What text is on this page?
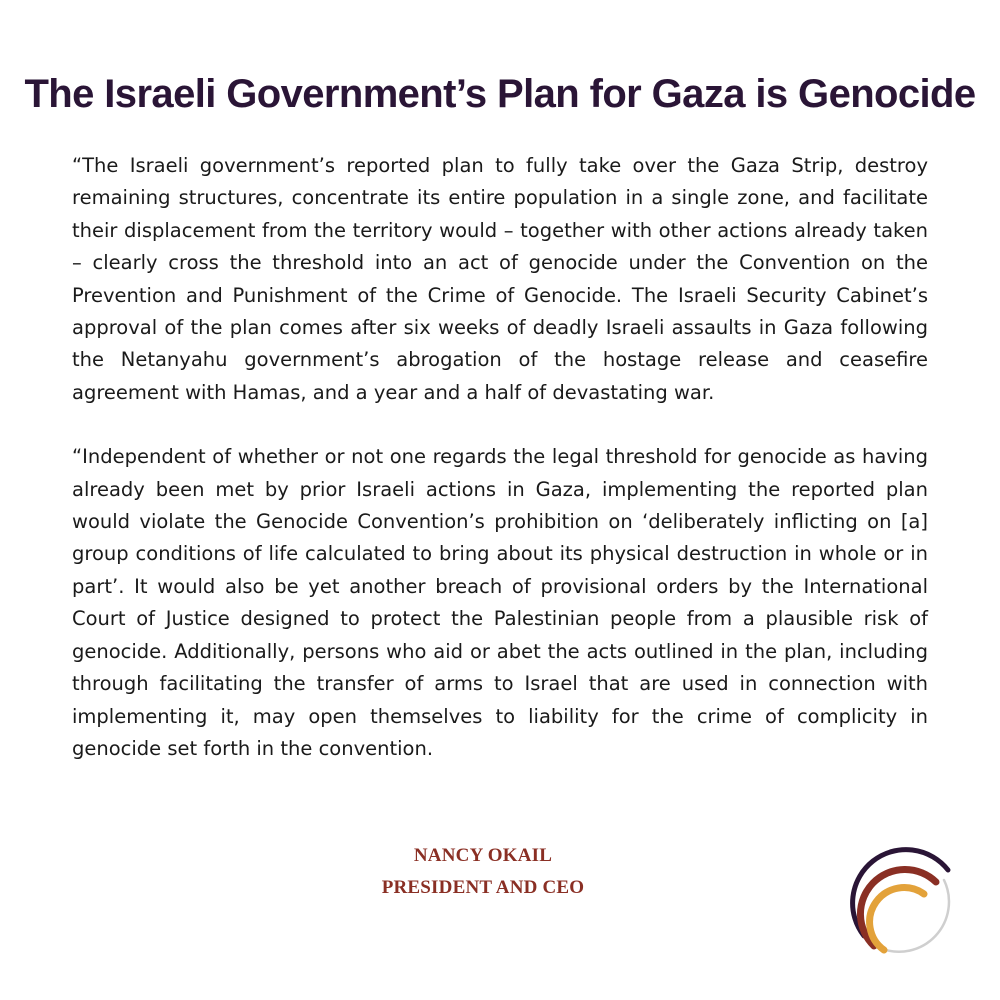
The Israeli Government’s Plan for Gaza is Genocide

“The Israeli government’s reported plan to fully take over the Gaza Strip, destroy remaining structures, concentrate its entire population in a single zone, and facilitate their displacement from the territory would – together with other actions already taken – clearly cross the threshold into an act of genocide under the Convention on the Prevention and Punishment of the Crime of Genocide. The Israeli Security Cabinet’s approval of the plan comes after six weeks of deadly Israeli assaults in Gaza following the Netanyahu government’s abrogation of the hostage release and ceasefire agreement with Hamas, and a year and a half of devastating war.

“Independent of whether or not one regards the legal threshold for genocide as having already been met by prior Israeli actions in Gaza, implementing the reported plan would violate the Genocide Convention’s prohibition on ‘deliberately inflicting on [a] group conditions of life calculated to bring about its physical destruction in whole or in part’. It would also be yet another breach of provisional orders by the International Court of Justice designed to protect the Palestinian people from a plausible risk of genocide. Additionally, persons who aid or abet the acts outlined in the plan, including through facilitating the transfer of arms to Israel that are used in connection with implementing it, may open themselves to liability for the crime of complicity in genocide set forth in the convention.

NANCY OKAIL
PRESIDENT AND CEO
